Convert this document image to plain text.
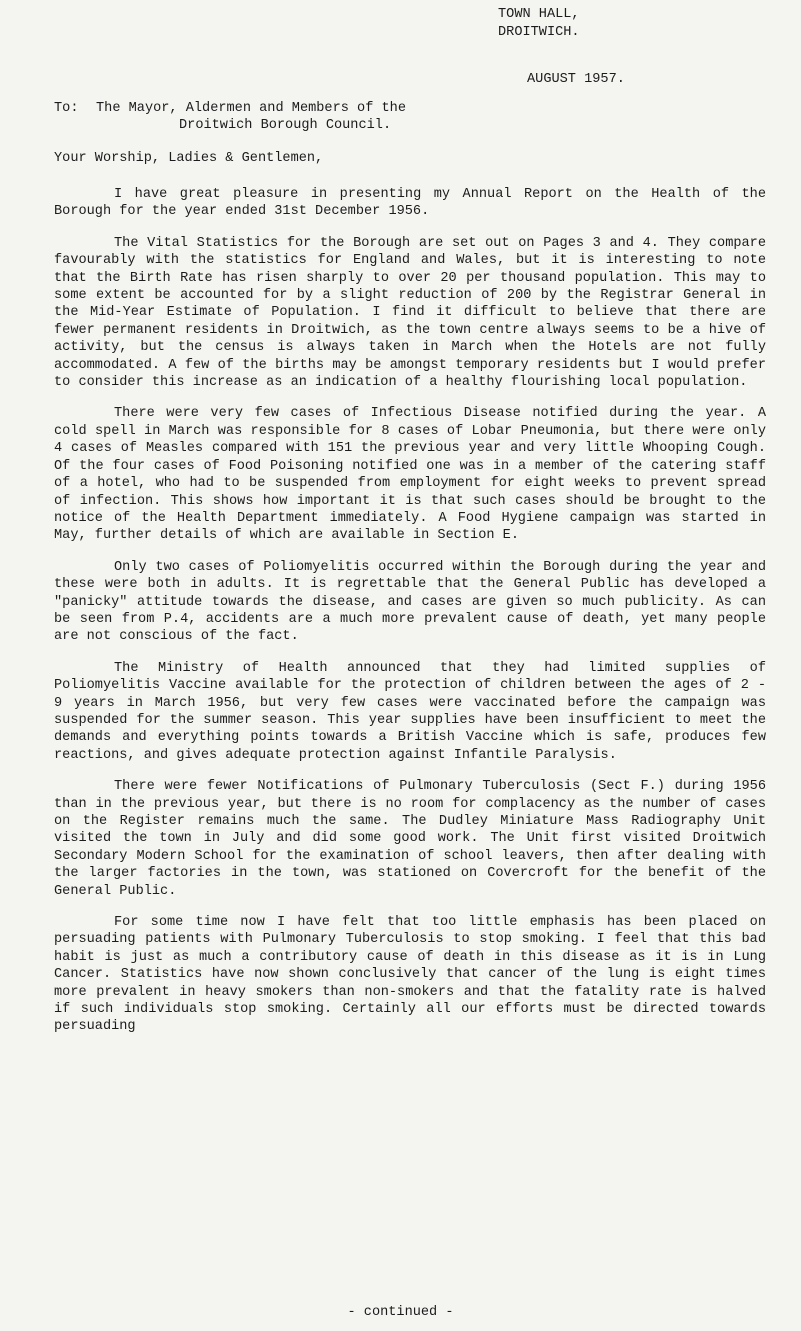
TOWN HALL,
DROITWICH.
AUGUST 1957.
To:	The Mayor, Aldermen and Members of the
Droitwich Borough Council.
Your Worship, Ladies & Gentlemen,

I have great pleasure in presenting my Annual Report on the Health of the Borough for the year ended 31st December 1956.

The Vital Statistics for the Borough are set out on Pages 3 and 4. They compare favourably with the statistics for England and Wales, but it is interesting to note that the Birth Rate has risen sharply to over 20 per thousand population. This may to some extent be accounted for by a slight reduction of 200 by the Registrar General in the Mid-Year Estimate of Population. I find it difficult to believe that there are fewer permanent residents in Droitwich, as the town centre always seems to be a hive of activity, but the census is always taken in March when the Hotels are not fully accommodated. A few of the births may be amongst temporary residents but I would prefer to consider this increase as an indication of a healthy flourishing local population.

There were very few cases of Infectious Disease notified during the year. A cold spell in March was responsible for 8 cases of Lobar Pneumonia, but there were only 4 cases of Measles compared with 151 the previous year and very little Whooping Cough. Of the four cases of Food Poisoning notified one was in a member of the catering staff of a hotel, who had to be suspended from employment for eight weeks to prevent spread of infection. This shows how important it is that such cases should be brought to the notice of the Health Department immediately. A Food Hygiene campaign was started in May, further details of which are available in Section E.

Only two cases of Poliomyelitis occurred within the Borough during the year and these were both in adults. It is regrettable that the General Public has developed a "panicky" attitude towards the disease, and cases are given so much publicity. As can be seen from P.4, accidents are a much more prevalent cause of death, yet many people are not conscious of the fact.

The Ministry of Health announced that they had limited supplies of Poliomyelitis Vaccine available for the protection of children between the ages of 2 - 9 years in March 1956, but very few cases were vaccinated before the campaign was suspended for the summer season. This year supplies have been insufficient to meet the demands and everything points towards a British Vaccine which is safe, produces few reactions, and gives adequate protection against Infantile Paralysis.

There were fewer Notifications of Pulmonary Tuberculosis (Sect F.) during 1956 than in the previous year, but there is no room for complacency as the number of cases on the Register remains much the same. The Dudley Miniature Mass Radiography Unit visited the town in July and did some good work. The Unit first visited Droitwich Secondary Modern School for the examination of school leavers, then after dealing with the larger factories in the town, was stationed on Covercroft for the benefit of the General Public.

For some time now I have felt that too little emphasis has been placed on persuading patients with Pulmonary Tuberculosis to stop smoking. I feel that this bad habit is just as much a contributory cause of death in this disease as it is in Lung Cancer. Statistics have now shown conclusively that cancer of the lung is eight times more prevalent in heavy smokers than non-smokers and that the fatality rate is halved if such individuals stop smoking. Certainly all our efforts must be directed towards persuading

- continued -
